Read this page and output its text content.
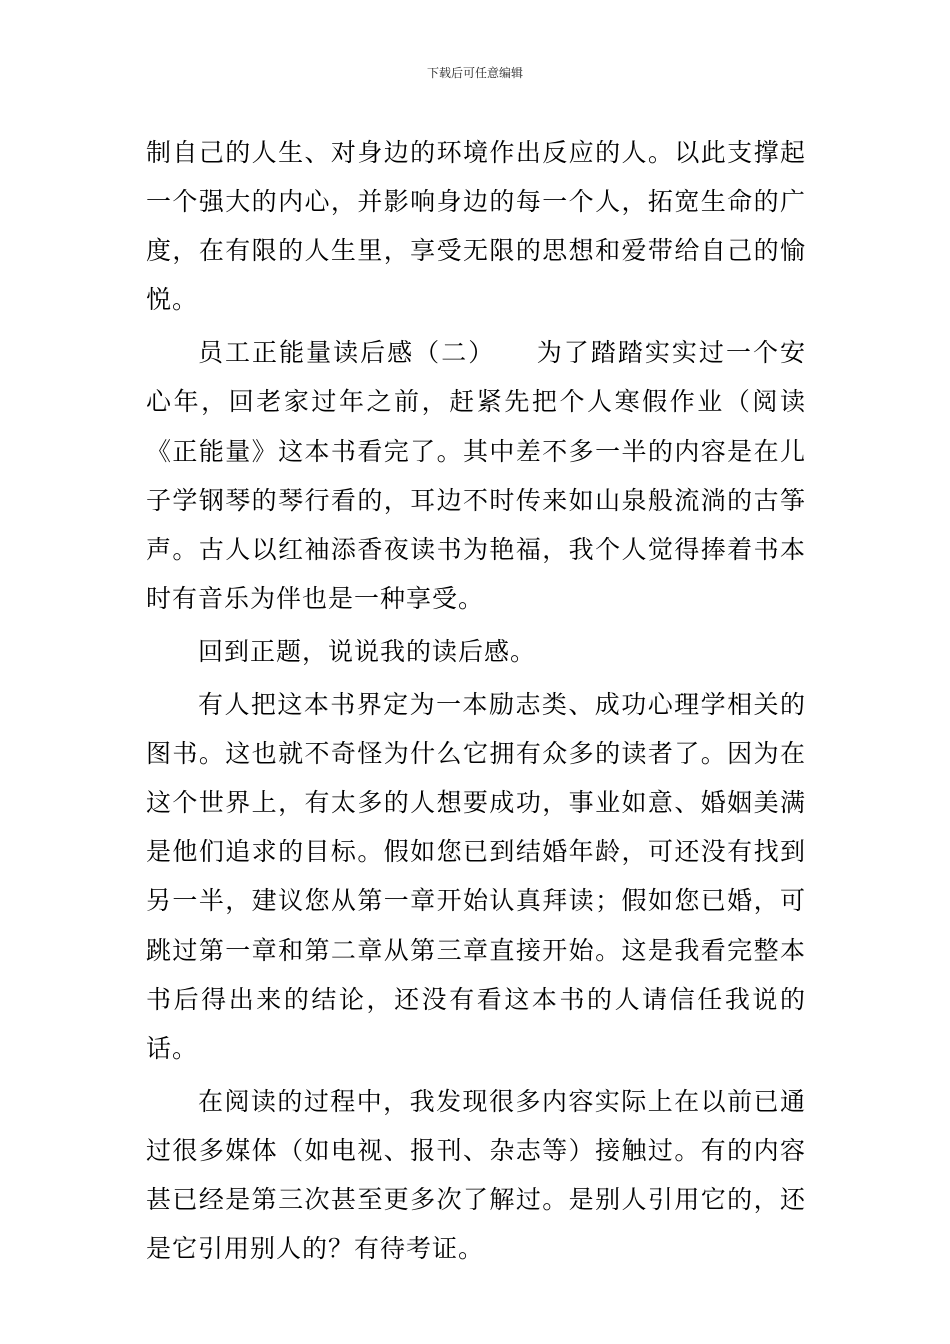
下载后可任意编辑

制自己的人生、对身边的环境作出反应的人。以此支撑起一个强大的内心，并影响身边的每一个人，拓宽生命的广度，在有限的人生里，享受无限的思想和爱带给自己的愉悦。

员工正能量读后感（二）　　为了踏踏实实过一个安心年，回老家过年之前，赶紧先把个人寒假作业（阅读《正能量》这本书看完了。其中差不多一半的内容是在儿子学钢琴的琴行看的，耳边不时传来如山泉般流淌的古筝声。古人以红袖添香夜读书为艳福，我个人觉得捧着书本时有音乐为伴也是一种享受。

回到正题，说说我的读后感。

有人把这本书界定为一本励志类、成功心理学相关的图书。这也就不奇怪为什么它拥有众多的读者了。因为在这个世界上，有太多的人想要成功，事业如意、婚姻美满是他们追求的目标。假如您已到结婚年龄，可还没有找到另一半，建议您从第一章开始认真拜读；假如您已婚，可跳过第一章和第二章从第三章直接开始。这是我看完整本书后得出来的结论，还没有看这本书的人请信任我说的话。

在阅读的过程中，我发现很多内容实际上在以前已通过很多媒体（如电视、报刊、杂志等）接触过。有的内容甚已经是第三次甚至更多次了解过。是别人引用它的，还是它引用别人的？有待考证。
